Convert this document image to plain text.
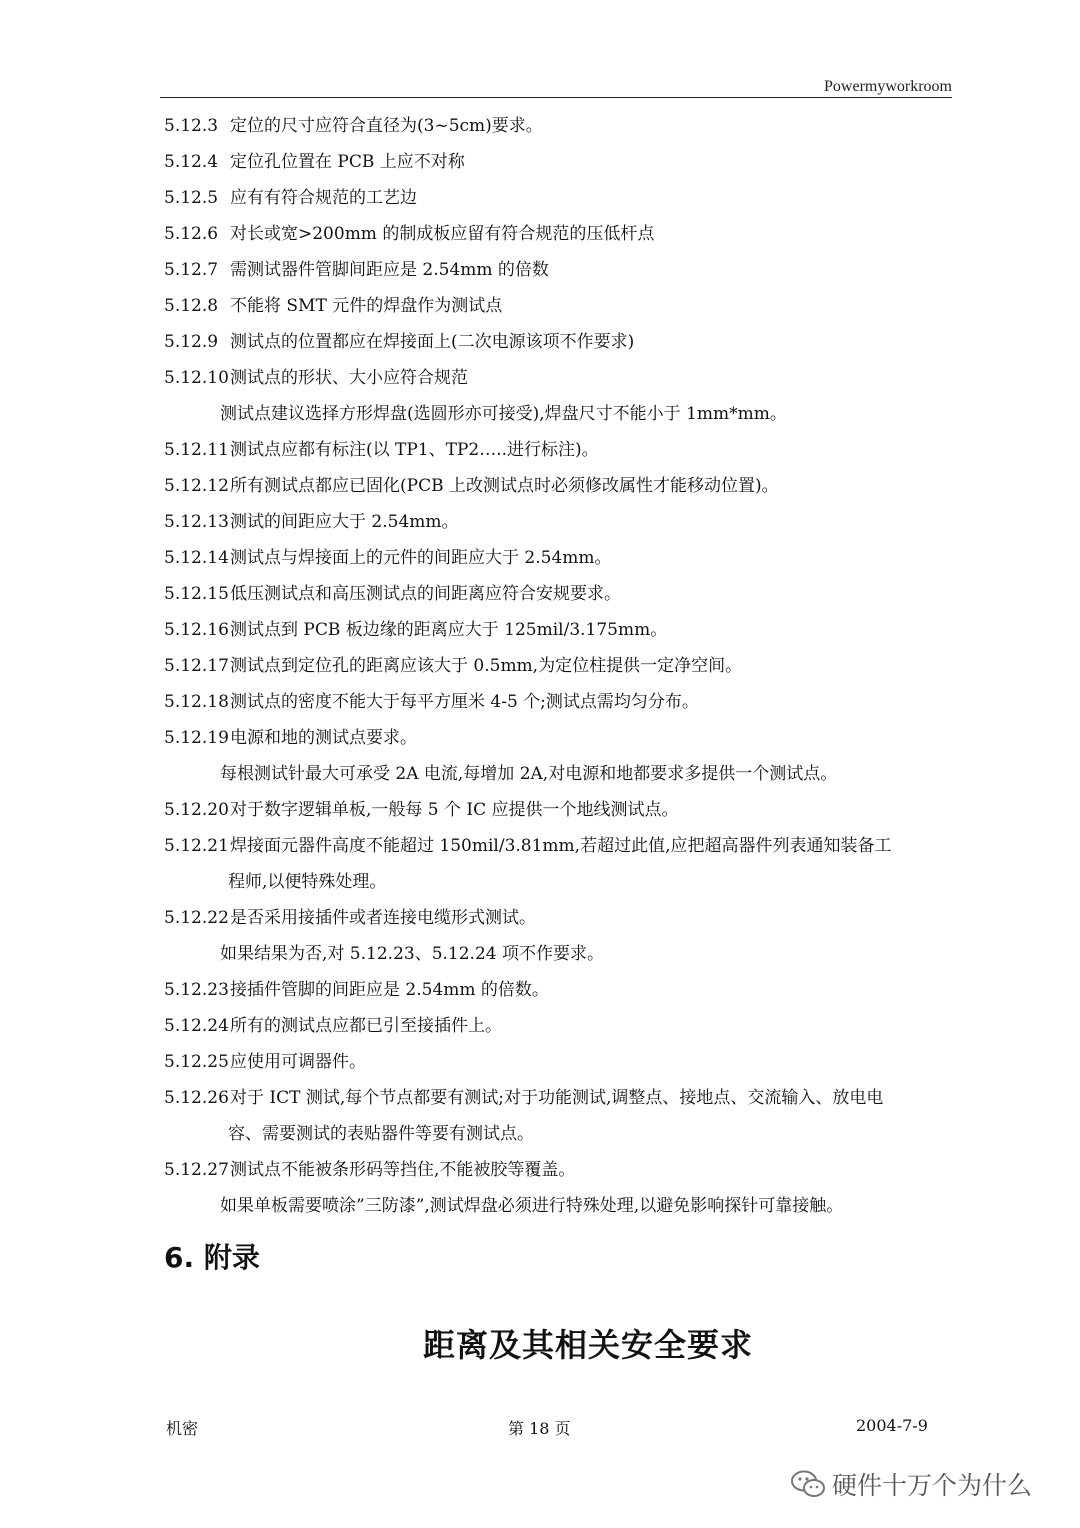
Powermyworkroom
5.12.3 定位的尺寸应符合直径为(3~5cm)要求。
5.12.4 定位孔位置在 PCB 上应不对称
5.12.5 应有有符合规范的工艺边
5.12.6 对长或宽>200mm 的制成板应留有符合规范的压低杆点
5.12.7 需测试器件管脚间距应是 2.54mm 的倍数
5.12.8 不能将 SMT 元件的焊盘作为测试点
5.12.9 测试点的位置都应在焊接面上(二次电源该项不作要求)
5.12.10测试点的形状、大小应符合规范
测试点建议选择方形焊盘(选圆形亦可接受),焊盘尺寸不能小于 1mm*mm。
5.12.11测试点应都有标注(以 TP1、TP2…..进行标注)。
5.12.12所有测试点都应已固化(PCB 上改测试点时必须修改属性才能移动位置)。
5.12.13测试的间距应大于 2.54mm。
5.12.14测试点与焊接面上的元件的间距应大于 2.54mm。
5.12.15低压测试点和高压测试点的间距离应符合安规要求。
5.12.16测试点到 PCB 板边缘的距离应大于 125mil/3.175mm。
5.12.17测试点到定位孔的距离应该大于 0.5mm,为定位柱提供一定净空间。
5.12.18测试点的密度不能大于每平方厘米 4-5 个;测试点需均匀分布。
5.12.19电源和地的测试点要求。
每根测试针最大可承受 2A 电流,每增加 2A,对电源和地都要求多提供一个测试点。
5.12.20对于数字逻辑单板,一般每 5 个 IC 应提供一个地线测试点。
5.12.21焊接面元器件高度不能超过 150mil/3.81mm,若超过此值,应把超高器件列表通知装备工
程师,以便特殊处理。
5.12.22是否采用接插件或者连接电缆形式测试。
如果结果为否,对 5.12.23、5.12.24 项不作要求。
5.12.23接插件管脚的间距应是 2.54mm 的倍数。
5.12.24所有的测试点应都已引至接插件上。
5.12.25应使用可调器件。
5.12.26对于 ICT 测试,每个节点都要有测试;对于功能测试,调整点、接地点、交流输入、放电电
容、需要测试的表贴器件等要有测试点。
5.12.27测试点不能被条形码等挡住,不能被胶等覆盖。
如果单板需要喷涂”三防漆”,测试焊盘必须进行特殊处理,以避免影响探针可靠接触。
6. 附录
距离及其相关安全要求
机密	第 18 页	2004-7-9
硬件十万个为什么
